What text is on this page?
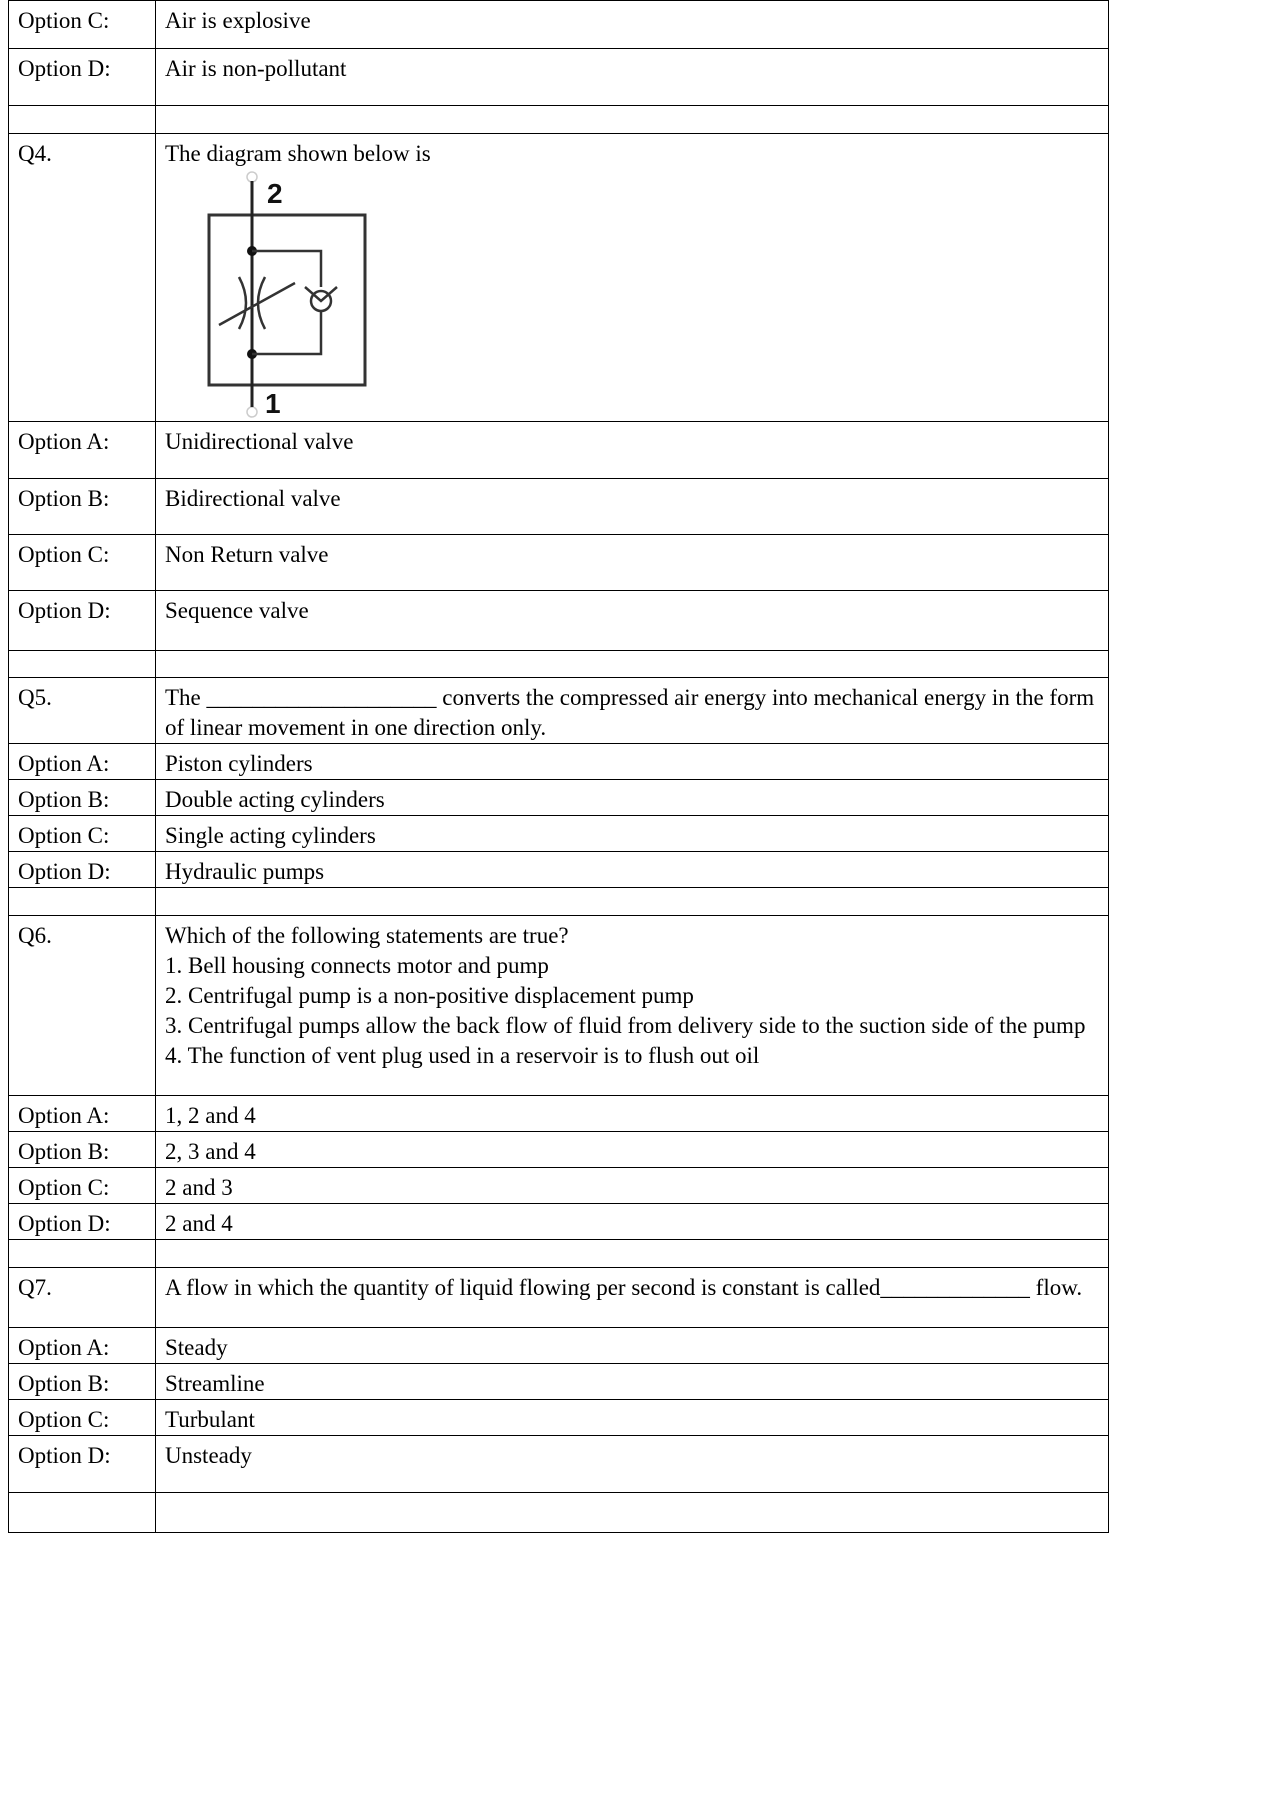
Option C:	Air is explosive
Option D:	Air is non-pollutant

Q4.	The diagram shown below is
2
1

Option A:	Unidirectional valve
Option B:	Bidirectional valve
Option C:	Non Return valve
Option D:	Sequence valve

Q5.	The ____________________ converts the compressed air energy into mechanical energy in the form of linear movement in one direction only.
Option A:	Piston cylinders
Option B:	Double acting cylinders
Option C:	Single acting cylinders
Option D:	Hydraulic pumps

Q6.	Which of the following statements are true?
1. Bell housing connects motor and pump
2. Centrifugal pump is a non-positive displacement pump
3. Centrifugal pumps allow the back flow of fluid from delivery side to the suction side of the pump
4. The function of vent plug used in a reservoir is to flush out oil

Option A:	1, 2 and 4
Option B:	2, 3 and 4
Option C:	2 and 3
Option D:	2 and 4

Q7.	A flow in which the quantity of liquid flowing per second is constant is called_____________ flow.
Option A:	Steady
Option B:	Streamline
Option C:	Turbulant
Option D:	Unsteady
